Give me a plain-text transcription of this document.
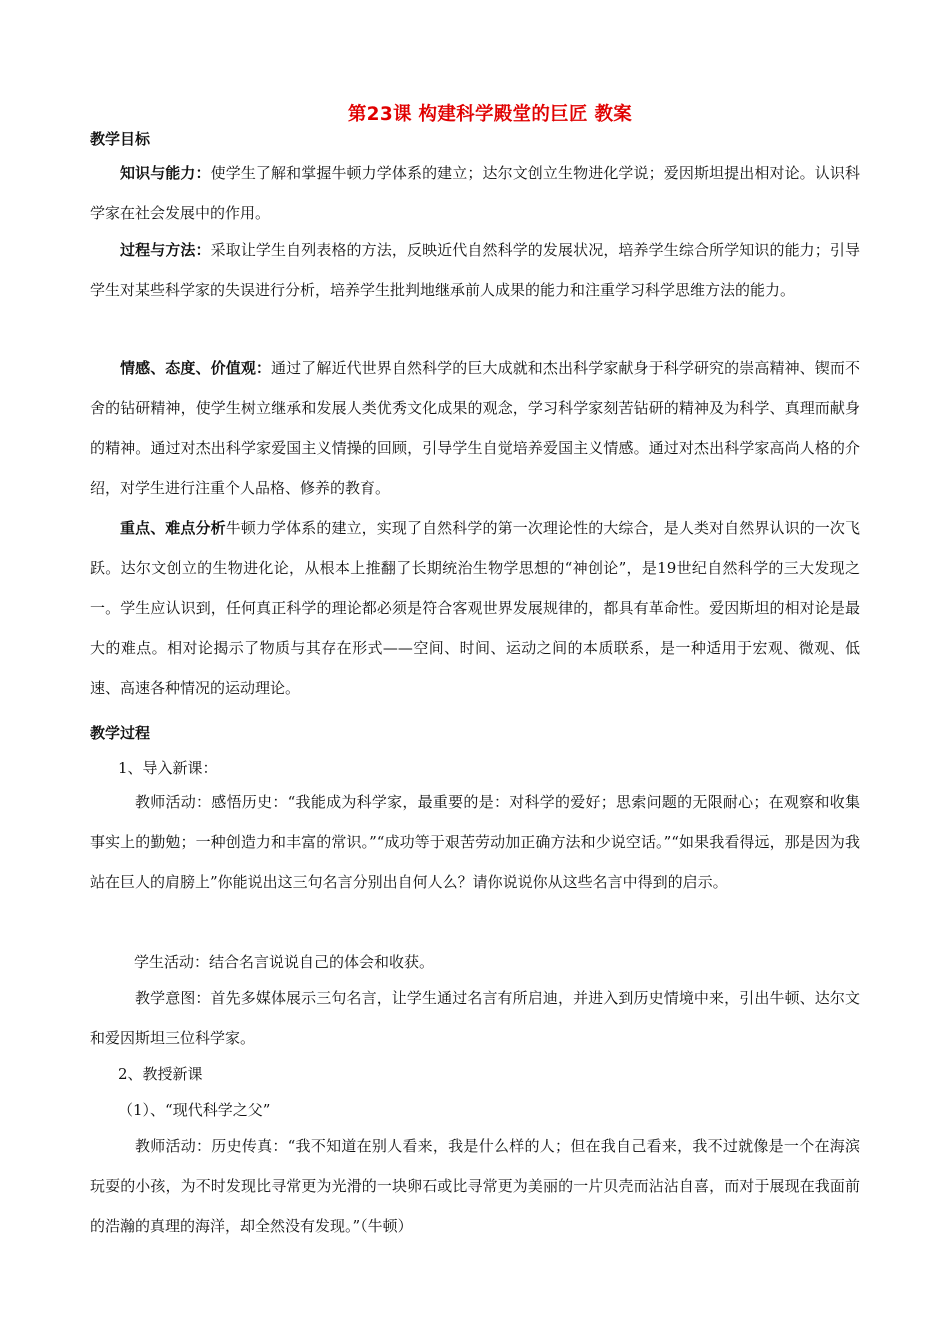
第23课 构建科学殿堂的巨匠 教案
教学目标
知识与能力：使学生了解和掌握牛顿力学体系的建立；达尔文创立生物进化学说；爱因斯坦提出相对论。认识科学家在社会发展中的作用。
过程与方法：采取让学生自列表格的方法，反映近代自然科学的发展状况，培养学生综合所学知识的能力；引导学生对某些科学家的失误进行分析，培养学生批判地继承前人成果的能力和注重学习科学思维方法的能力。
情感、态度、价值观：通过了解近代世界自然科学的巨大成就和杰出科学家献身于科学研究的崇高精神、锲而不舍的钻研精神，使学生树立继承和发展人类优秀文化成果的观念，学习科学家刻苦钻研的精神及为科学、真理而献身的精神。通过对杰出科学家爱国主义情操的回顾，引导学生自觉培养爱国主义情感。通过对杰出科学家高尚人格的介绍，对学生进行注重个人品格、修养的教育。
重点、难点分析牛顿力学体系的建立，实现了自然科学的第一次理论性的大综合，是人类对自然界认识的一次飞跃。达尔文创立的生物进化论，从根本上推翻了长期统治生物学思想的“神创论”，是19世纪自然科学的三大发现之一。学生应认识到，任何真正科学的理论都必须是符合客观世界发展规律的，都具有革命性。爱因斯坦的相对论是最大的难点。相对论揭示了物质与其存在形式——空间、时间、运动之间的本质联系，是一种适用于宏观、微观、低速、高速各种情况的运动理论。
教学过程
1、导入新课：
教师活动：感悟历史：“我能成为科学家，最重要的是：对科学的爱好；思索问题的无限耐心；在观察和收集事实上的勤勉；一种创造力和丰富的常识。”“成功等于艰苦劳动加正确方法和少说空话。”“如果我看得远，那是因为我站在巨人的肩膀上”你能说出这三句名言分别出自何人么？请你说说你从这些名言中得到的启示。
学生活动：结合名言说说自己的体会和收获。
教学意图：首先多媒体展示三句名言，让学生通过名言有所启迪，并进入到历史情境中来，引出牛顿、达尔文和爱因斯坦三位科学家。
2、教授新课
（1）、“现代科学之父”
教师活动：历史传真：“我不知道在别人看来，我是什么样的人；但在我自己看来，我不过就像是一个在海滨玩耍的小孩，为不时发现比寻常更为光滑的一块卵石或比寻常更为美丽的一片贝壳而沾沾自喜，而对于展现在我面前的浩瀚的真理的海洋，却全然没有发现。”（牛顿）
